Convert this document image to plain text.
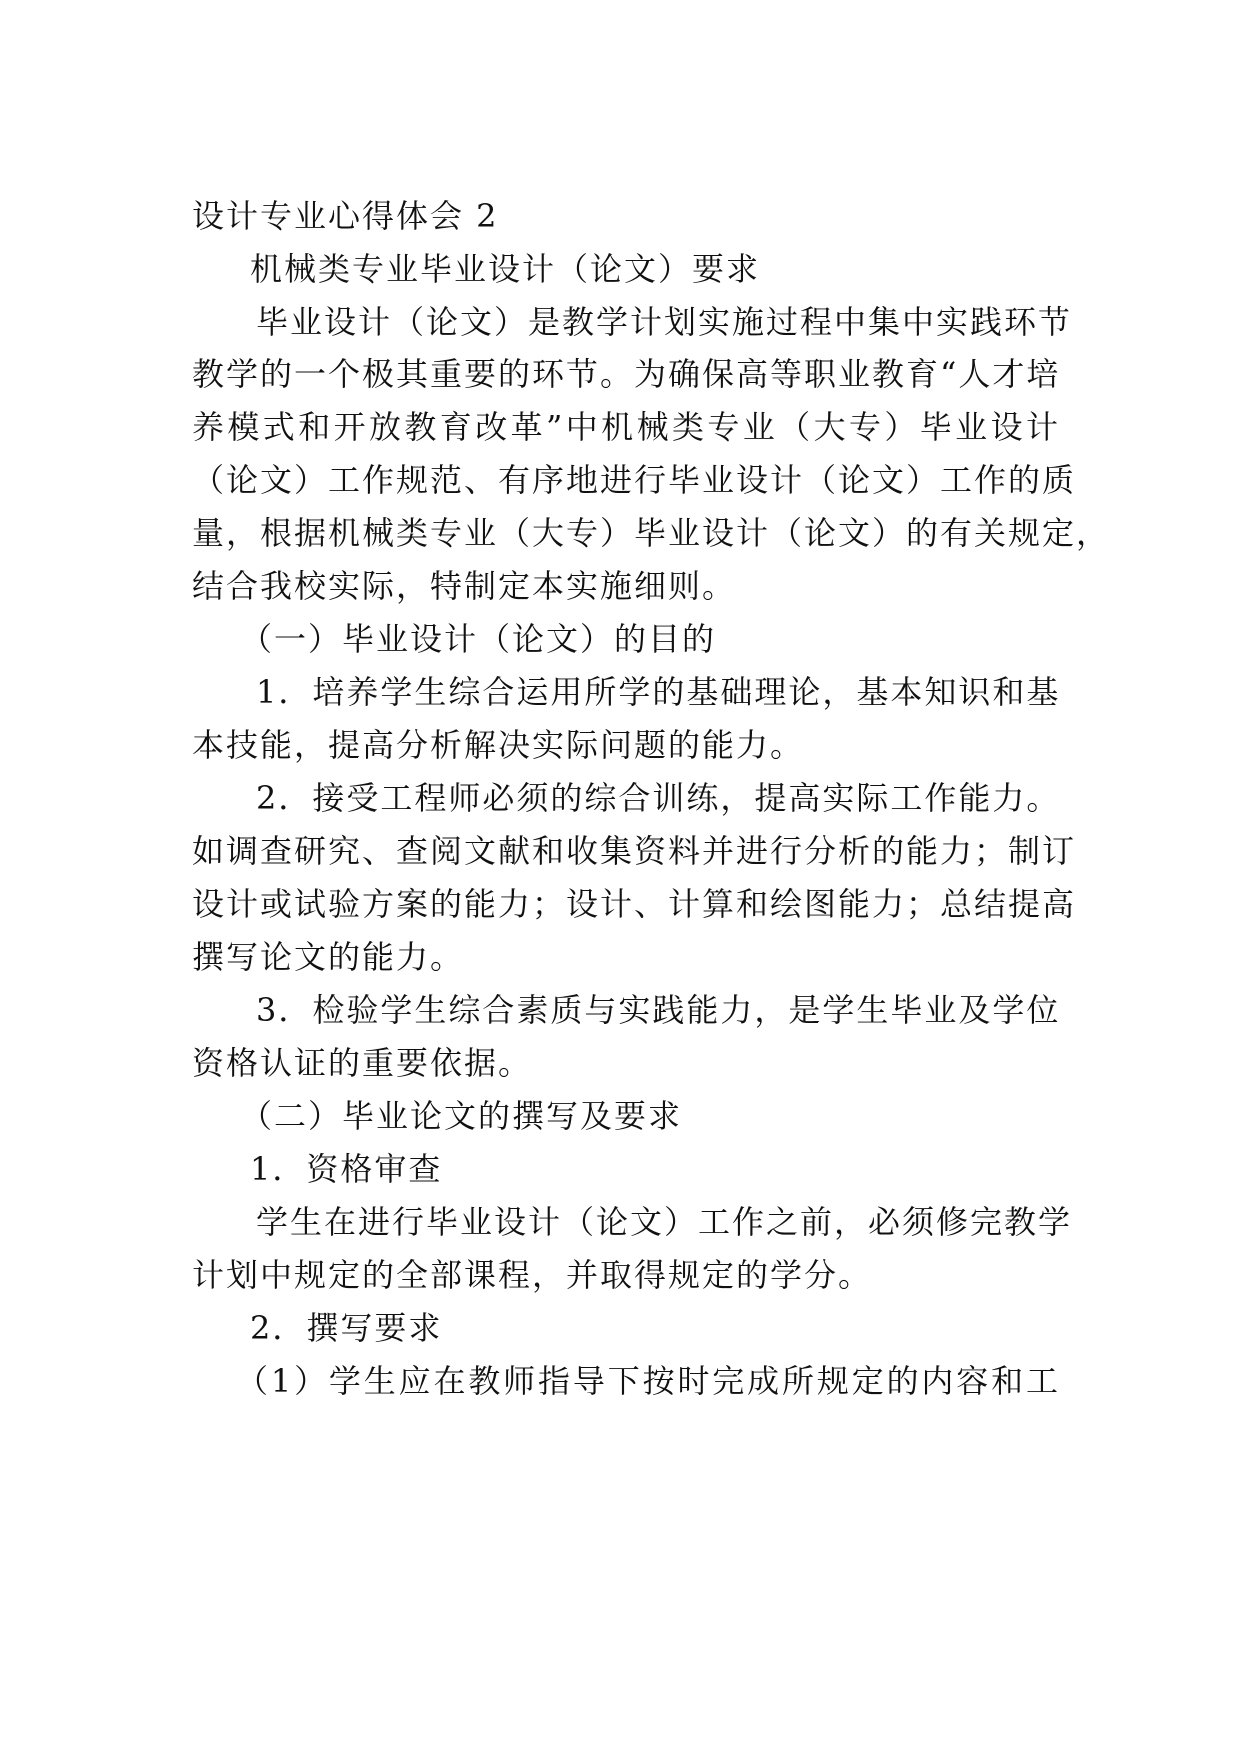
设计专业心得体会 2
机械类专业毕业设计（论文）要求
毕业设计（论文）是教学计划实施过程中集中实践环节
教学的一个极其重要的环节。为确保高等职业教育“人才培
养模式和开放教育改革”中机械类专业（大专）毕业设计
（论文）工作规范、有序地进行毕业设计（论文）工作的质
量，根据机械类专业（大专）毕业设计（论文）的有关规定，
结合我校实际，特制定本实施细则。
（一）毕业设计（论文）的目的
1．培养学生综合运用所学的基础理论，基本知识和基
本技能，提高分析解决实际问题的能力。
2．接受工程师必须的综合训练，提高实际工作能力。
如调查研究、查阅文献和收集资料并进行分析的能力；制订
设计或试验方案的能力；设计、计算和绘图能力；总结提高
撰写论文的能力。
3．检验学生综合素质与实践能力，是学生毕业及学位
资格认证的重要依据。
（二）毕业论文的撰写及要求
1．资格审查
学生在进行毕业设计（论文）工作之前，必须修完教学
计划中规定的全部课程，并取得规定的学分。
2．撰写要求
（1）学生应在教师指导下按时完成所规定的内容和工
